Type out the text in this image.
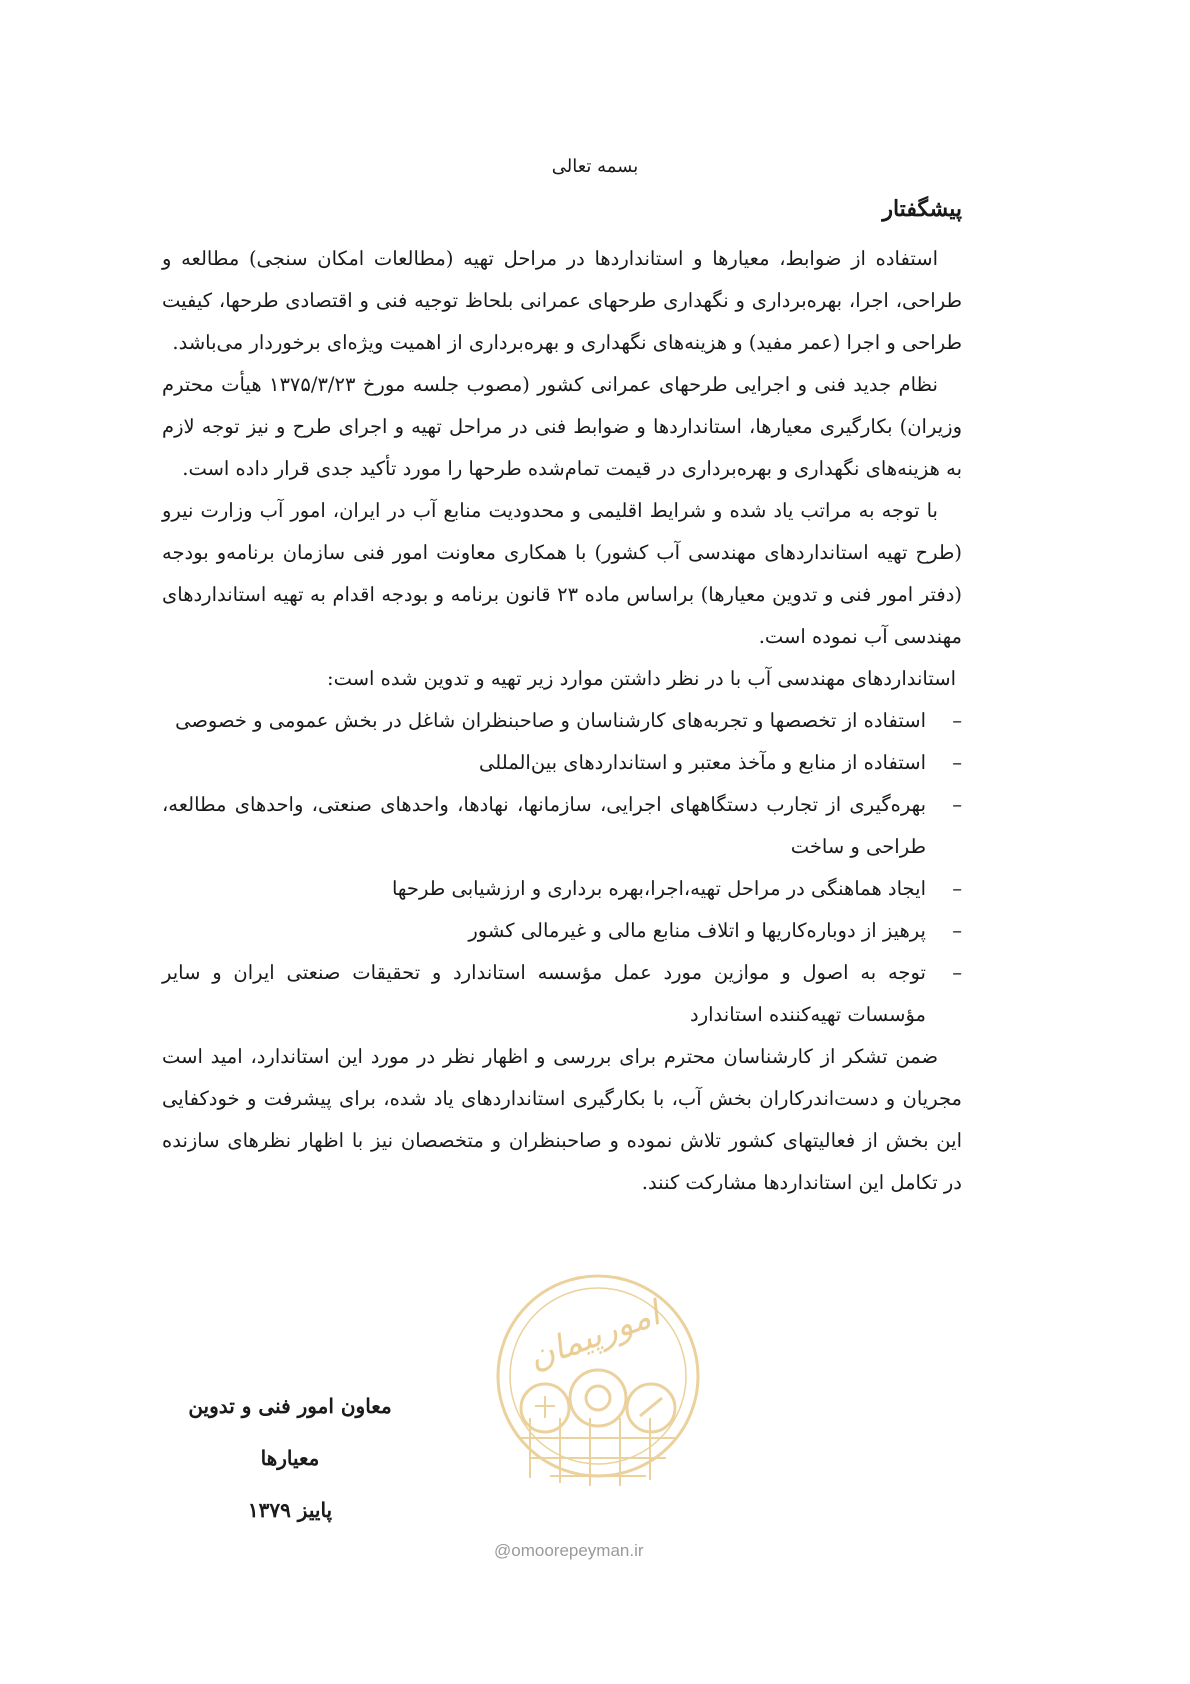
بسمه تعالی
پیشگفتار

استفاده از ضوابط، معیارها و استانداردها در مراحل تهیه (مطالعات امکان سنجی) مطالعه و طراحی، اجرا، بهره‌برداری و نگهداری طرحهای عمرانی بلحاظ توجیه فنی و اقتصادی طرحها، کیفیت طراحی و اجرا (عمر مفید) و هزینه‌های نگهداری و بهره‌برداری از اهمیت ویژه‌ای برخوردار می‌باشد.

نظام جدید فنی و اجرایی طرحهای عمرانی کشور (مصوب جلسه مورخ ۱۳۷۵/۳/۲۳ هیأت محترم وزیران) بکارگیری معیارها، استانداردها و ضوابط فنی در مراحل تهیه و اجرای طرح و نیز توجه لازم به هزینه‌های نگهداری و بهره‌برداری در قیمت تمام‌شده طرحها را مورد تأکید جدی قرار داده است.

با توجه به مراتب یاد شده و شرایط اقلیمی و محدودیت منابع آب در ایران، امور آب وزارت نیرو (طرح تهیه استانداردهای مهندسی آب کشور) با همکاری معاونت امور فنی سازمان برنامه‌و بودجه (دفتر امور فنی و تدوین معیارها) براساس ماده ۲۳ قانون برنامه و بودجه اقدام به تهیه استانداردهای مهندسی آب نموده است.

استانداردهای مهندسی آب با در نظر داشتن موارد زیر تهیه و تدوین شده است:

–
استفاده از تخصصها و تجربه‌های کارشناسان و صاحبنظران شاغل در بخش عمومی و خصوصی
–
استفاده از منابع و مآخذ معتبر و استانداردهای بین‌المللی
–
بهره‌گیری از تجارب دستگاههای اجرایی، سازمانها، نهادها، واحدهای صنعتی، واحدهای مطالعه، طراحی و ساخت
–
ایجاد هماهنگی در مراحل تهیه،اجرا،بهره برداری و ارزشیابی طرحها
–
پرهیز از دوباره‌کاریها و اتلاف منابع مالی و غیرمالی کشور
–
توجه به اصول و موازین مورد عمل مؤسسه استاندارد و تحقیقات صنعتی ایران و سایر مؤسسات تهیه‌کننده استاندارد

ضمن تشکر از کارشناسان محترم برای بررسی و اظهار نظر در مورد این استاندارد، امید است مجریان و دست‌اندرکاران بخش آب، با بکارگیری استانداردهای یاد شده، برای پیشرفت و خودکفایی این بخش از فعالیتهای کشور تلاش نموده و صاحبنظران و متخصصان نیز با اظهار نظرهای سازنده در تکامل این استانداردها مشارکت کنند.

معاون امور فنی و تدوین
معیارها
پاییز ۱۳۷۹
امورپیمان
@omoorepeyman.ir
